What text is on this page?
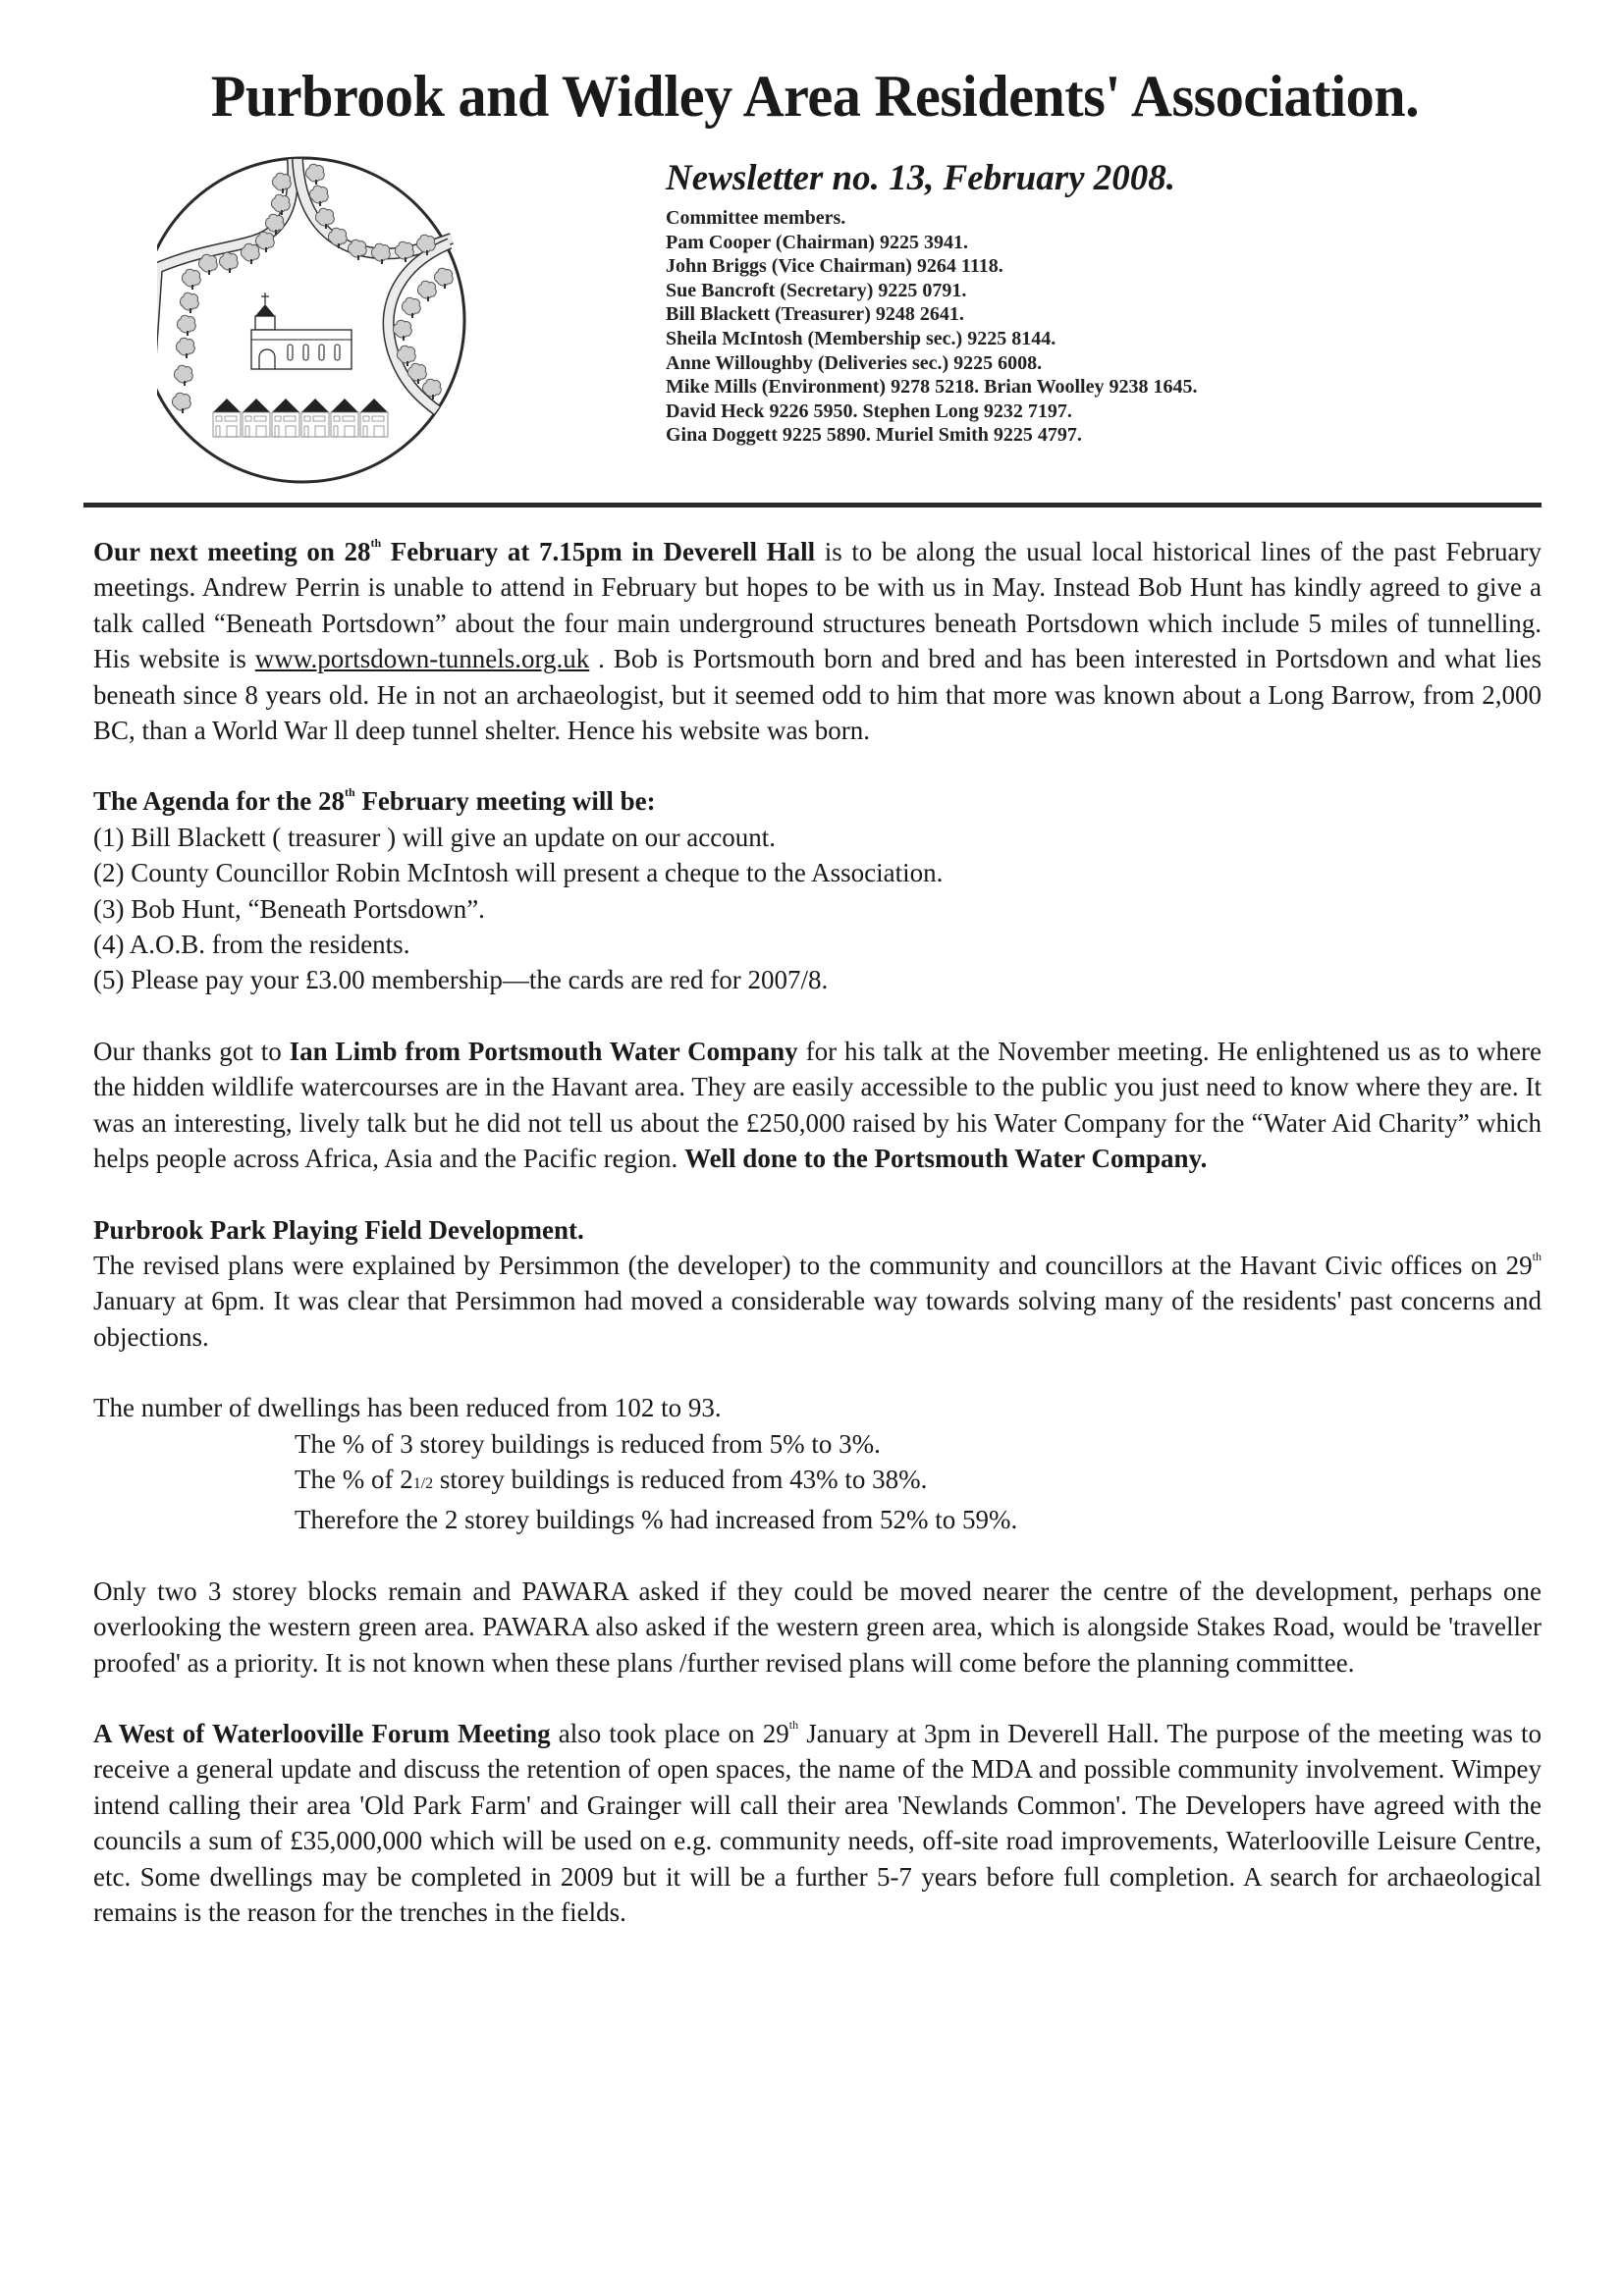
Purbrook and Widley Area Residents' Association.
Newsletter no. 13, February 2008.
Committee members.
Pam Cooper (Chairman) 9225 3941.
John Briggs (Vice Chairman) 9264 1118.
Sue Bancroft (Secretary) 9225 0791.
Bill Blackett (Treasurer) 9248 2641.
Sheila McIntosh (Membership sec.) 9225 8144.
Anne Willoughby (Deliveries sec.) 9225 6008.
Mike Mills (Environment) 9278 5218. Brian Woolley 9238 1645.
David Heck 9226 5950. Stephen Long 9232 7197.
Gina Doggett 9225 5890. Muriel Smith 9225 4797.

Our next meeting on 28th February at 7.15pm in Deverell Hall is to be along the usual local historical lines of the past February meetings. Andrew Perrin is unable to attend in February but hopes to be with us in May. Instead Bob Hunt has kindly agreed to give a talk called “Beneath Portsdown” about the four main underground structures beneath Portsdown which include 5 miles of tunnelling. His website is www.portsdown-tunnels.org.uk . Bob is Portsmouth born and bred and has been interested in Portsdown and what lies beneath since 8 years old. He in not an archaeologist, but it seemed odd to him that more was known about a Long Barrow, from 2,000 BC, than a World War ll deep tunnel shelter. Hence his website was born.

The Agenda for the 28th February meeting will be:

(1) Bill Blackett ( treasurer ) will give an update on our account.

(2) County Councillor Robin McIntosh will present a cheque to the Association.

(3) Bob Hunt, “Beneath Portsdown”.

(4) A.O.B. from the residents.

(5) Please pay your £3.00 membership—the cards are red for 2007/8.

Our thanks got to Ian Limb from Portsmouth Water Company for his talk at the November meeting. He enlightened us as to where the hidden wildlife watercourses are in the Havant area. They are easily accessible to the public you just need to know where they are. It was an interesting, lively talk but he did not tell us about the £250,000 raised by his Water Company for the “Water Aid Charity” which helps people across Africa, Asia and the Pacific region. Well done to the Portsmouth Water Company.

Purbrook Park Playing Field Development.

The revised plans were explained by Persimmon (the developer) to the community and councillors at the Havant Civic offices on 29th January at 6pm. It was clear that Persimmon had moved a considerable way towards solving many of the residents' past concerns and objections.

The number of dwellings has been reduced from 102 to 93.

The % of 3 storey buildings is reduced from 5% to 3%.

The % of 21/2 storey buildings is reduced from 43% to 38%.

Therefore the 2 storey buildings % had increased from 52% to 59%.

Only two 3 storey blocks remain and PAWARA asked if they could be moved nearer the centre of the development, perhaps one overlooking the western green area. PAWARA also asked if the western green area, which is alongside Stakes Road, would be 'traveller proofed' as a priority. It is not known when these plans /further revised plans will come before the planning committee.

A West of Waterlooville Forum Meeting also took place on 29th January at 3pm in Deverell Hall. The purpose of the meeting was to receive a general update and discuss the retention of open spaces, the name of the MDA and possible community involvement. Wimpey intend calling their area 'Old Park Farm' and Grainger will call their area 'Newlands Common'. The Developers have agreed with the councils a sum of £35,000,000 which will be used on e.g. community needs, off-site road improvements, Waterlooville Leisure Centre, etc. Some dwellings may be completed in 2009 but it will be a further 5-7 years before full completion. A search for archaeological remains is the reason for the trenches in the fields.
